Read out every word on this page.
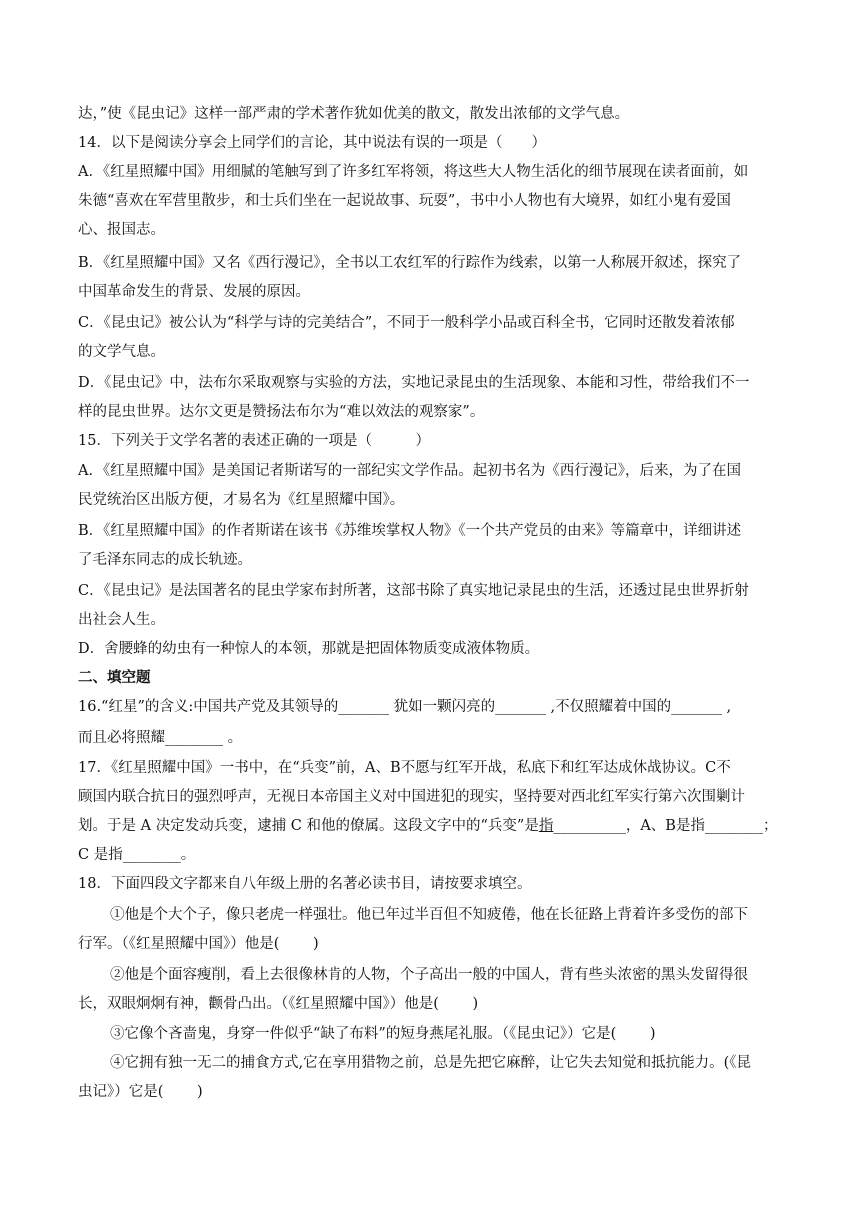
达，”使《昆虫记》这样一部严肃的学术著作犹如优美的散文，散发出浓郁的文学气息。
14．以下是阅读分享会上同学们的言论，其中说法有误的一项是（　　）
A．《红星照耀中国》用细腻的笔触写到了许多红军将领，将这些大人物生活化的细节展现在读者面前，如
朱德“喜欢在军营里散步，和士兵们坐在一起说故事、玩耍”，书中小人物也有大境界，如红小鬼有爱国
心、报国志。
B．《红星照耀中国》又名《西行漫记》，全书以工农红军的行踪作为线索，以第一人称展开叙述，探究了
中国革命发生的背景、发展的原因。
C．《昆虫记》被公认为“科学与诗的完美结合”，不同于一般科学小品或百科全书，它同时还散发着浓郁
的文学气息。
D．《昆虫记》中，法布尔采取观察与实验的方法，实地记录昆虫的生活现象、本能和习性，带给我们不一
样的昆虫世界。达尔文更是赞扬法布尔为“难以效法的观察家”。
15．下列关于文学名著的表述正确的一项是（　　　）
A．《红星照耀中国》是美国记者斯诺写的一部纪实文学作品。起初书名为《西行漫记》，后来，为了在国
民党统治区出版方便，才易名为《红星照耀中国》。
B．《红星照耀中国》的作者斯诺在该书《苏维埃掌权人物》《一个共产党员的由来》等篇章中，详细讲述
了毛泽东同志的成长轨迹。
C．《昆虫记》是法国著名的昆虫学家布封所著，这部书除了真实地记录昆虫的生活，还透过昆虫世界折射
出社会人生。
D．舍腰蜂的幼虫有一种惊人的本领，那就是把固体物质变成液体物质。
二、填空题
16.“红星”的含义:中国共产党及其领导的_______ 犹如一颗闪亮的_______ ,不仅照耀着中国的_______ ,
而且必将照耀________ 。
17．《红星照耀中国》一书中，在“兵变”前，A、B不愿与红军开战，私底下和红军达成休战协议。C不
顾国内联合抗日的强烈呼声，无视日本帝国主义对中国进犯的现实，坚持要对西北红军实行第六次围剿计
划。于是 A 决定发动兵变，逮捕 C 和他的僚属。这段文字中的“兵变”是指__________，A、B是指________；
C 是指________。
18．下面四段文字都来自八年级上册的名著必读书目，请按要求填空。
①他是个大个子，像只老虎一样强壮。他已年过半百但不知疲倦，他在长征路上背着许多受伤的部下
行军。（《红星照耀中国》）他是(　　 )
②他是个面容瘦削，看上去很像林肯的人物，个子高出一般的中国人，背有些头浓密的黑头发留得很
长，双眼炯炯有神，颧骨凸出。（《红星照耀中国》）他是(　　 )
③它像个吝啬鬼，身穿一件似乎“缺了布料”的短身燕尾礼服。（《昆虫记》）它是(　　 )
④它拥有独一无二的捕食方式,它在享用猎物之前，总是先把它麻醉，让它失去知觉和抵抗能力。(《昆
虫记》）它是(　　 )
